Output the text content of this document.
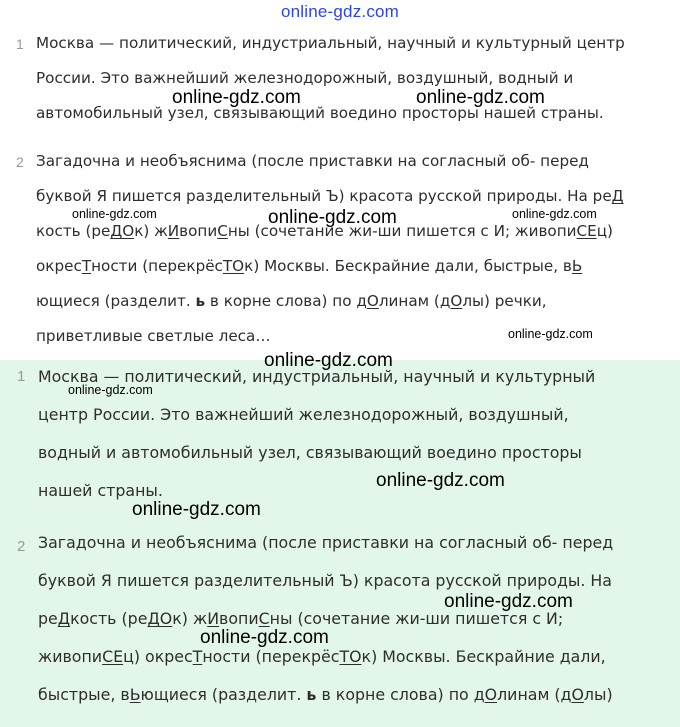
online-gdz.com
1 Москва — политический, индустриальный, научный и культурный центр
России. Это важнейший железнодорожный, воздушный, водный и
автомобильный узел, связывающий воедино просторы нашей страны.
2 Загадочна и необъяснима (после приставки на согласный об- перед
буквой Я пишется разделительный Ъ) красота русской природы. На реД
кость (реДОк) жИвопиСны (сочетание жи-ши пишется с И; живопиСЕц)
окресТности (перекрёсТОк) Москвы. Бескрайние дали, быстрые, вЬ
ющиеся (разделит. ь в корне слова) по дОлинам (дОлы) речки,
приветливые светлые леса…
1 Москва — политический, индустриальный, научный и культурный
центр России. Это важнейший железнодорожный, воздушный,
водный и автомобильный узел, связывающий воедино просторы
нашей страны.
2 Загадочна и необъяснима (после приставки на согласный об- перед
буквой Я пишется разделительный Ъ) красота русской природы. На
реДкость (реДОк) жИвопиСны (сочетание жи-ши пишется с И;
живопиСЕц) окресТности (перекрёсТОк) Москвы. Бескрайние дали,
быстрые, вЬющиеся (разделит. ь в корне слова) по дОлинам (дОлы)
online-gdz.com	online-gdz.com
online-gdz.com	online-gdz.com	online-gdz.com
online-gdz.com
online-gdz.com
online-gdz.com
online-gdz.com
online-gdz.com
online-gdz.com
online-gdz.com
